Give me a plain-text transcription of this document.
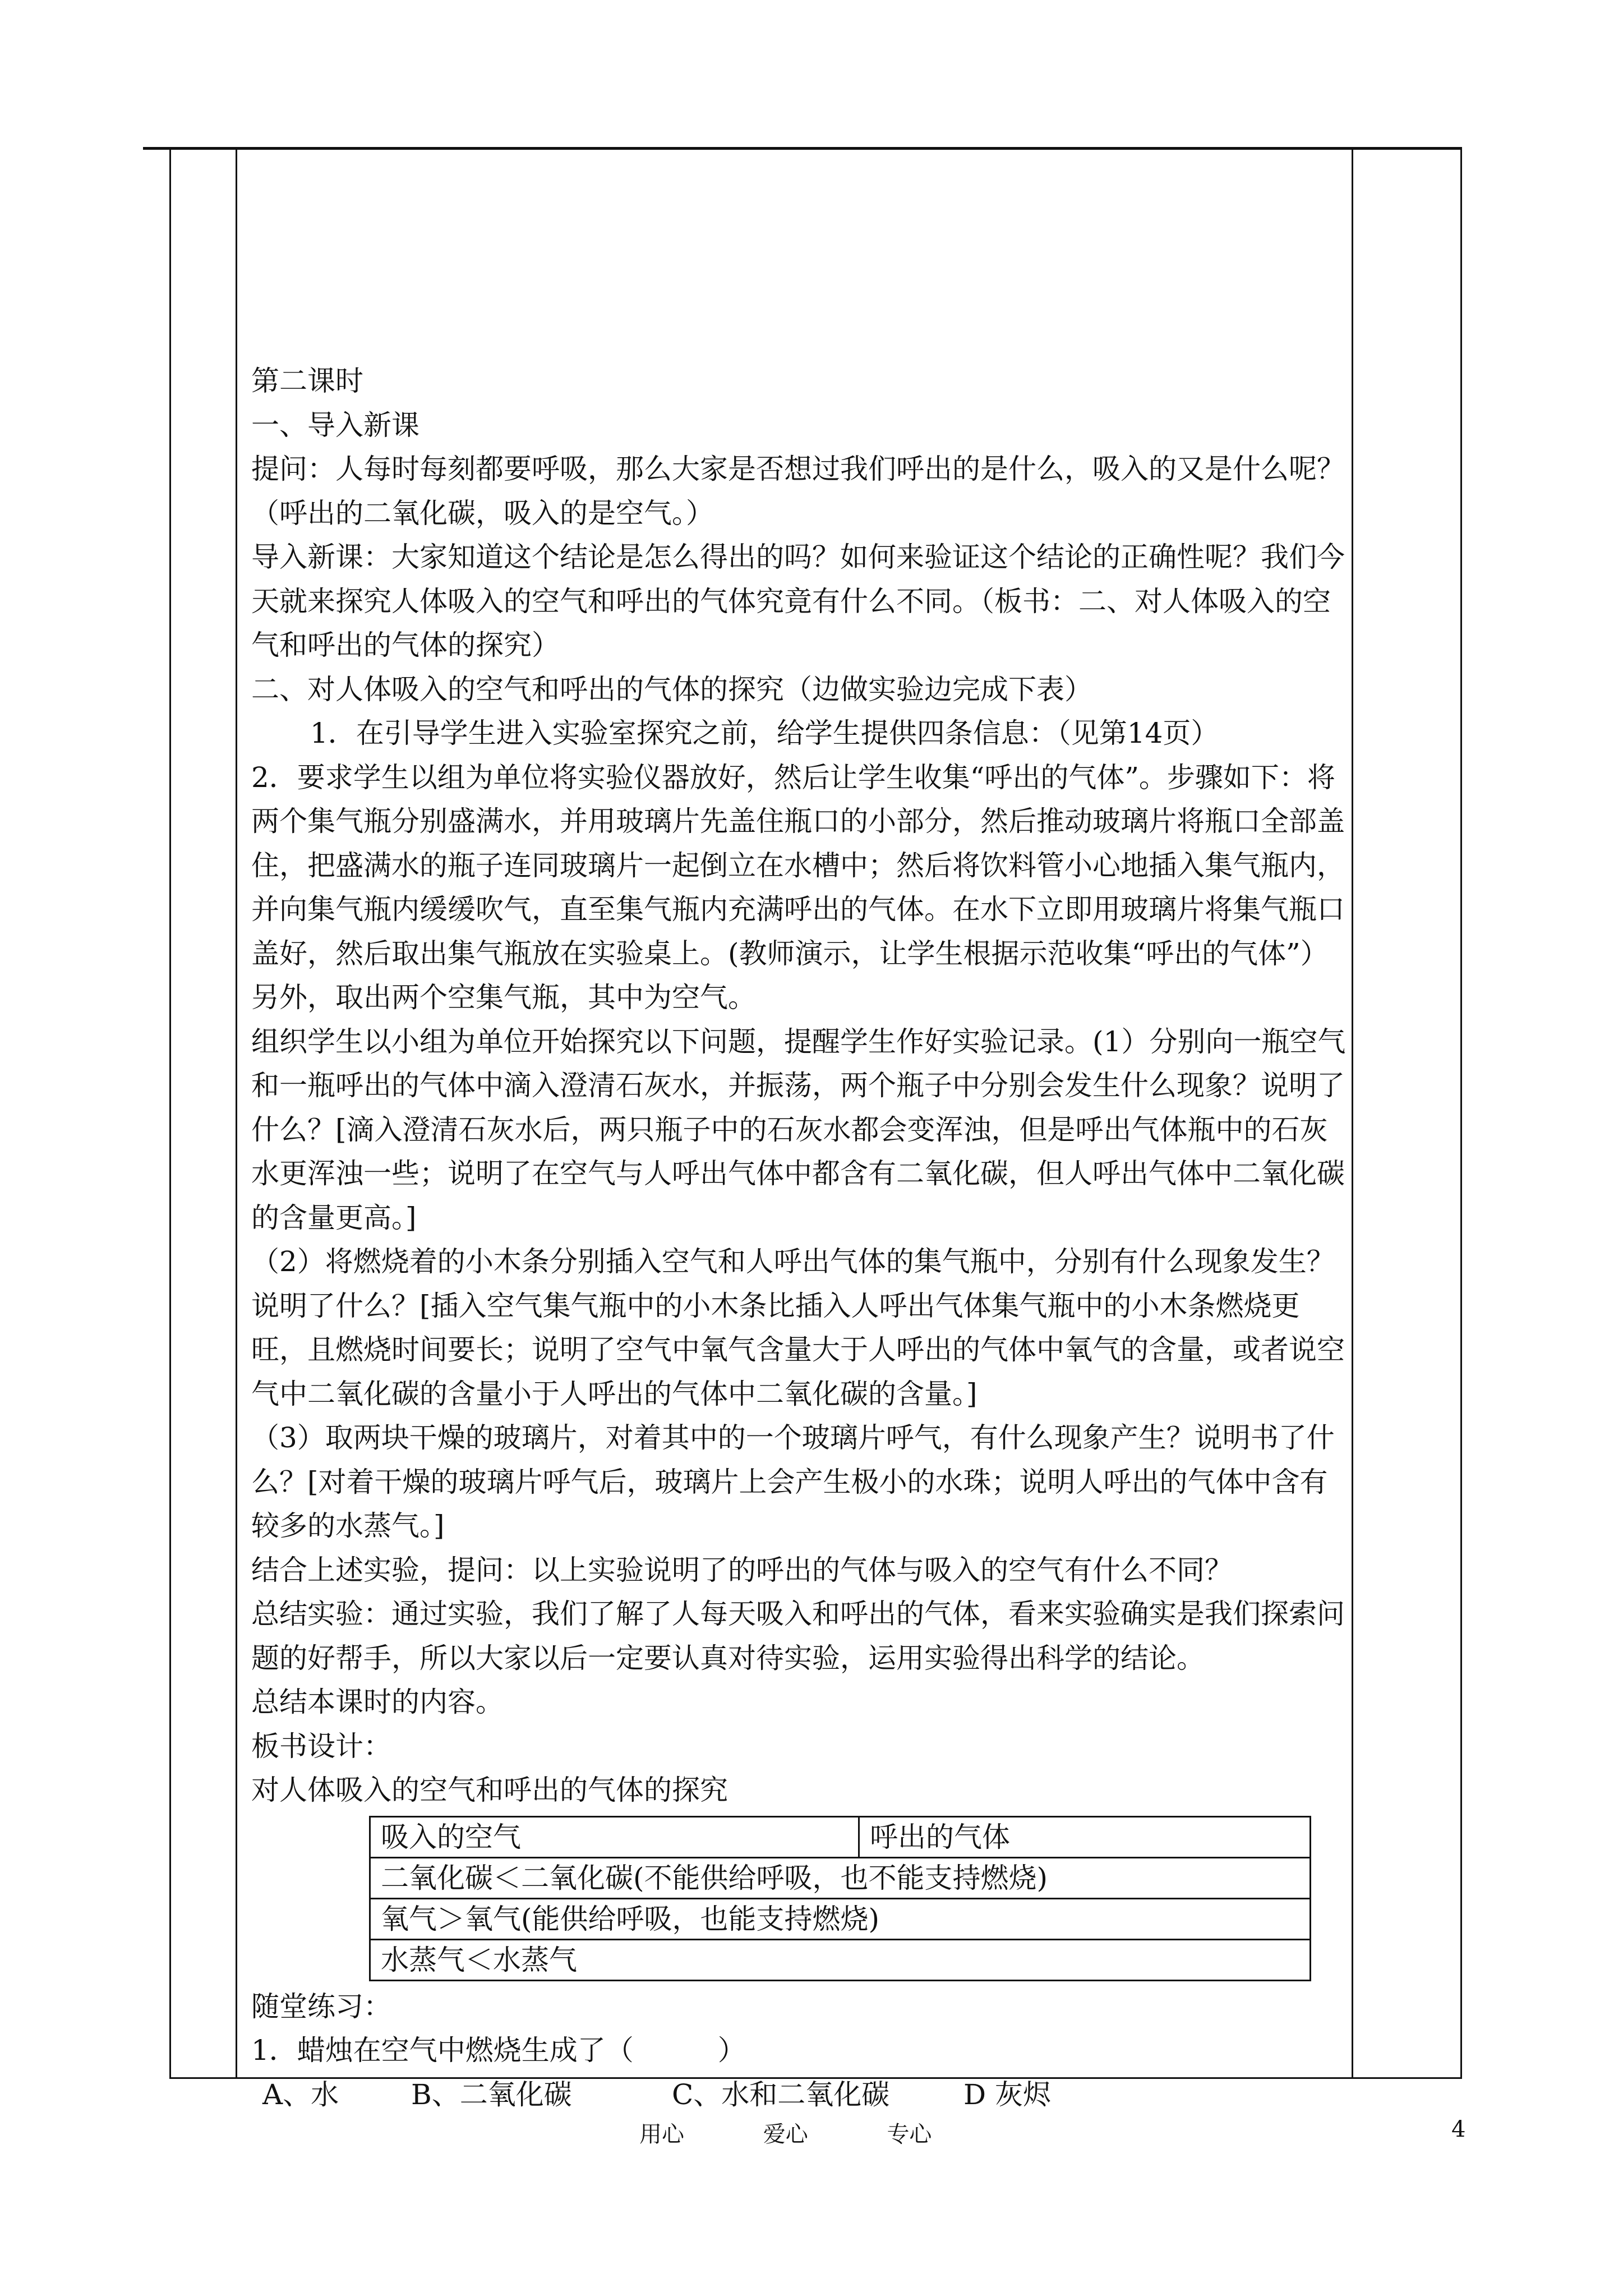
第二课时

一、导入新课

提问：人每时每刻都要呼吸，那么大家是否想过我们呼出的是什么，吸入的又是什么呢？（呼出的二氧化碳，吸入的是空气。）

导入新课：大家知道这个结论是怎么得出的吗？如何来验证这个结论的正确性呢？我们今天就来探究人体吸入的空气和呼出的气体究竟有什么不同。（板书：二、对人体吸入的空气和呼出的气体的探究）

二、对人体吸入的空气和呼出的气体的探究（边做实验边完成下表）

1．在引导学生进入实验室探究之前，给学生提供四条信息：（见第14页）

2．要求学生以组为单位将实验仪器放好，然后让学生收集“呼出的气体”。步骤如下：将两个集气瓶分别盛满水，并用玻璃片先盖住瓶口的小部分，然后推动玻璃片将瓶口全部盖住，把盛满水的瓶子连同玻璃片一起倒立在水槽中；然后将饮料管小心地插入集气瓶内，并向集气瓶内缓缓吹气，直至集气瓶内充满呼出的气体。在水下立即用玻璃片将集气瓶口盖好，然后取出集气瓶放在实验桌上。(教师演示，让学生根据示范收集“呼出的气体”）另外，取出两个空集气瓶，其中为空气。

组织学生以小组为单位开始探究以下问题，提醒学生作好实验记录。(1）分别向一瓶空气和一瓶呼出的气体中滴入澄清石灰水，并振荡，两个瓶子中分别会发生什么现象？说明了什么？[滴入澄清石灰水后，两只瓶子中的石灰水都会变浑浊，但是呼出气体瓶中的石灰水更浑浊一些；说明了在空气与人呼出气体中都含有二氧化碳，但人呼出气体中二氧化碳的含量更高。]

（2）将燃烧着的小木条分别插入空气和人呼出气体的集气瓶中，分别有什么现象发生？说明了什么？[插入空气集气瓶中的小木条比插入人呼出气体集气瓶中的小木条燃烧更旺，且燃烧时间要长；说明了空气中氧气含量大于人呼出的气体中氧气的含量，或者说空气中二氧化碳的含量小于人呼出的气体中二氧化碳的含量。]

（3）取两块干燥的玻璃片，对着其中的一个玻璃片呼气，有什么现象产生？说明书了什么？[对着干燥的玻璃片呼气后，玻璃片上会产生极小的水珠；说明人呼出的气体中含有较多的水蒸气。]

结合上述实验，提问：以上实验说明了的呼出的气体与吸入的空气有什么不同？

总结实验：通过实验，我们了解了人每天吸入和呼出的气体，看来实验确实是我们探索问题的好帮手，所以大家以后一定要认真对待实验，运用实验得出科学的结论。

总结本课时的内容。

板书设计：

对人体吸入的空气和呼出的气体的探究

吸入的空气	呼出的气体
二氧化碳＜二氧化碳(不能供给呼吸，也不能支持燃烧)
氧气＞氧气(能供给呼吸，也能支持燃烧)
水蒸气＜水蒸气

随堂练习：

1．蜡烛在空气中燃烧生成了（　　　）

A、水	B、二氧化碳	C、水和二氧化碳	D 灰烬
用心	爱心	专心	4
